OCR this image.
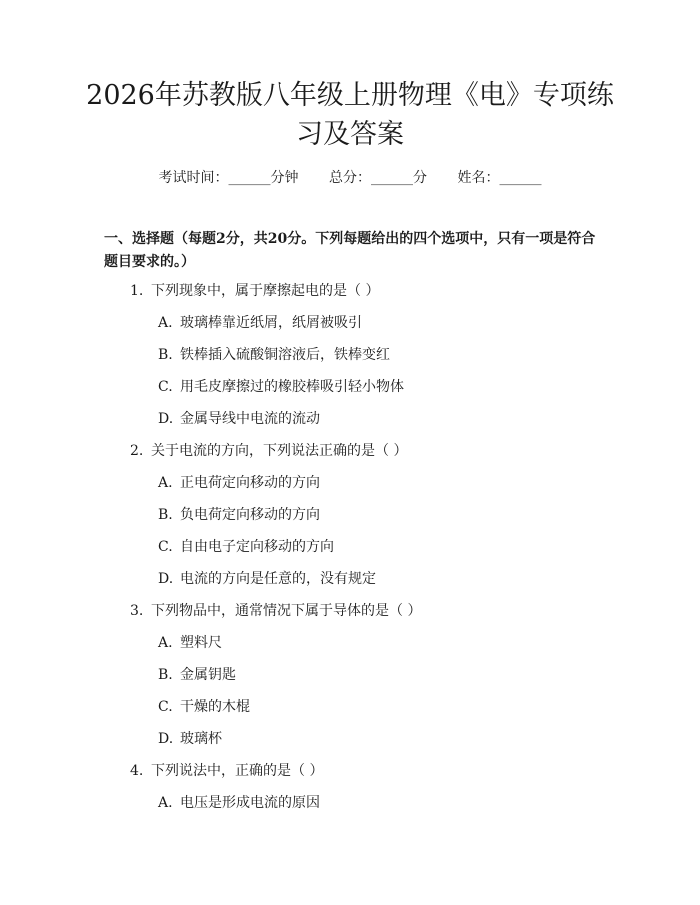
2026年苏教版八年级上册物理《电》专项练习及答案
考试时间：______分钟 总分：______分 姓名：______

一、选择题（每题2分，共20分。下列每题给出的四个选项中，只有一项是符合题目要求的。）

1. 下列现象中，属于摩擦起电的是（ ）
A. 玻璃棒靠近纸屑，纸屑被吸引
B. 铁棒插入硫酸铜溶液后，铁棒变红
C. 用毛皮摩擦过的橡胶棒吸引轻小物体
D. 金属导线中电流的流动
2. 关于电流的方向，下列说法正确的是（ ）
A. 正电荷定向移动的方向
B. 负电荷定向移动的方向
C. 自由电子定向移动的方向
D. 电流的方向是任意的，没有规定
3. 下列物品中，通常情况下属于导体的是（ ）
A. 塑料尺
B. 金属钥匙
C. 干燥的木棍
D. 玻璃杯
4. 下列说法中，正确的是（ ）
A. 电压是形成电流的原因
